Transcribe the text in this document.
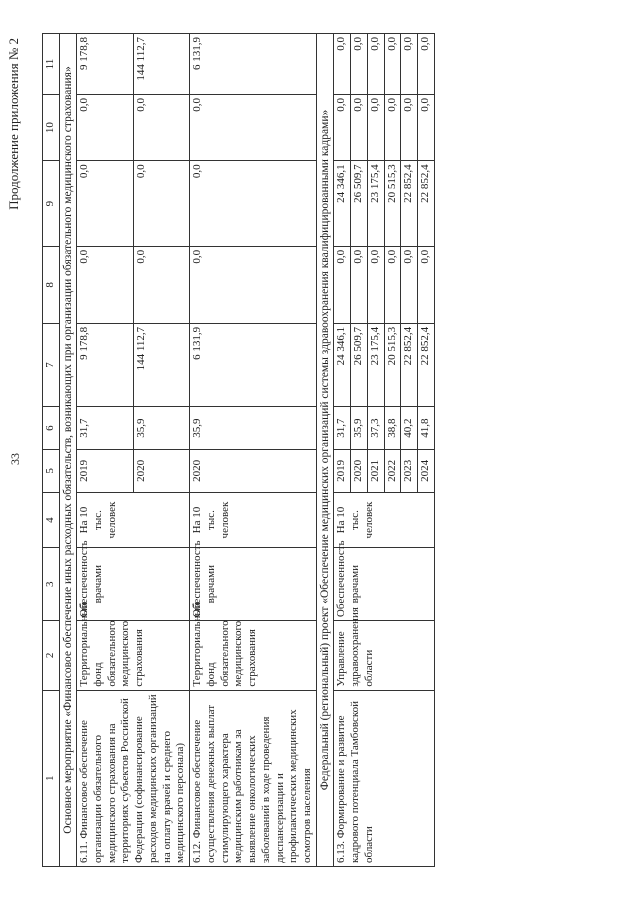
33
Продолжение приложения № 2
1	2	3	4	5	6	7	8	9	10	11
Основное мероприятие «Финансовое обеспечение иных расходных обязательств, возникающих при организации обязательного медицинского страхования»										
6.11. Финансовое обеспечение организации обязательного медицинского страхования на территориях субъектов Российской Федерации (софинансирование расходов медицинских организаций на оплату врачей и среднего медицинского персонала)	Территориальный фонд обязательного медицинского страхования	Обеспеченность врачами	На 10 тыс. человек	2019	31,7	9 178,8	0,0	0,0	0,0	9 178,8
				2020	35,9	144 112,7	0,0	0,0	0,0	144 112,7
6.12. Финансовое обеспечение осуществления денежных выплат стимулирующего характера медицинским работникам за выявление онкологических заболеваний в ходе проведения диспансеризации и профилактических медицинских осмотров населения	Территориальный фонд обязательного медицинского страхования	Обеспеченность врачами	На 10 тыс. человек	2020	35,9	6 131,9	0,0	0,0	0,0	6 131,9
Федеральный (региональный) проект «Обеспечение медицинских организаций системы здравоохранения квалифицированными кадрами»										
6.13. Формирование и развитие кадрового потенциала Тамбовской области	Управление здравоохранения области	Обеспеченность врачами	На 10 тыс. человек	2019	31,7	24 346,1	0,0	24 346,1	0,0	0,0
				2020	35,9	26 509,7	0,0	26 509,7	0,0	0,0
				2021	37,3	23 175,4	0,0	23 175,4	0,0	0,0
				2022	38,8	20 515,3	0,0	20 515,3	0,0	0,0
				2023	40,2	22 852,4	0,0	22 852,4	0,0	0,0
				2024	41,8	22 852,4	0,0	22 852,4	0,0	0,0
